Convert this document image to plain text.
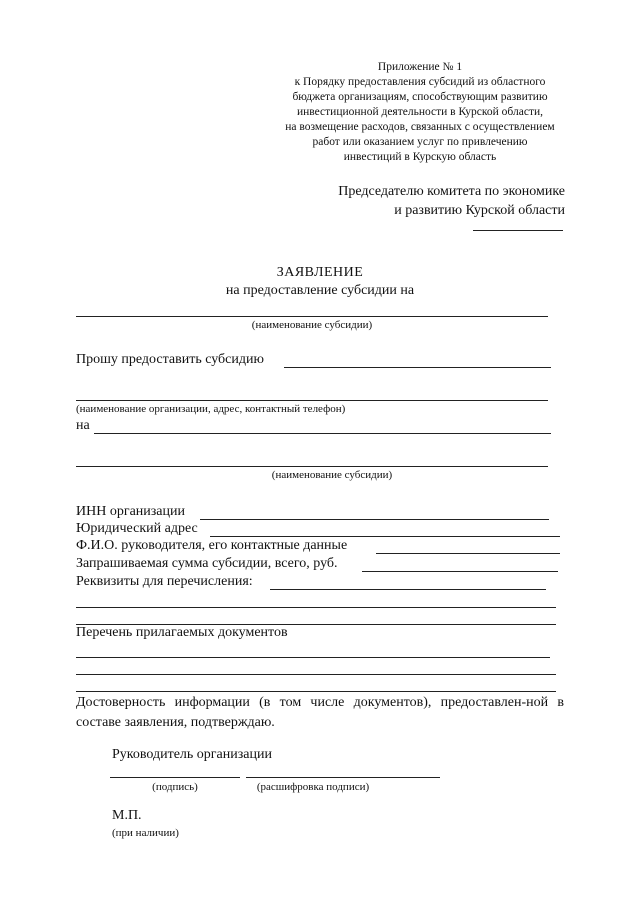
Приложение № 1
к Порядку предоставления субсидий из областного
бюджета организациям, способствующим развитию
инвестиционной деятельности в Курской области,
на возмещение расходов, связанных с осуществлением
работ или оказанием услуг по привлечению
инвестиций в Курскую область
Председателю комитета по экономике
и развитию Курской области
ЗАЯВЛЕНИЕ
на предоставление субсидии на
(наименование субсидии)
Прошу предоставить субсидию
(наименование организации, адрес, контактный телефон)
на
(наименование субсидии)
ИНН организации
Юридический адрес
Ф.И.О. руководителя, его контактные данные
Запрашиваемая сумма субсидии, всего, руб.
Реквизиты для перечисления:
Перечень прилагаемых документов
Достоверность информации (в том числе документов), предоставлен-ной в составе заявления, подтверждаю.
Руководитель организации
(подпись)	(расшифровка подписи)
М.П.
(при наличии)
